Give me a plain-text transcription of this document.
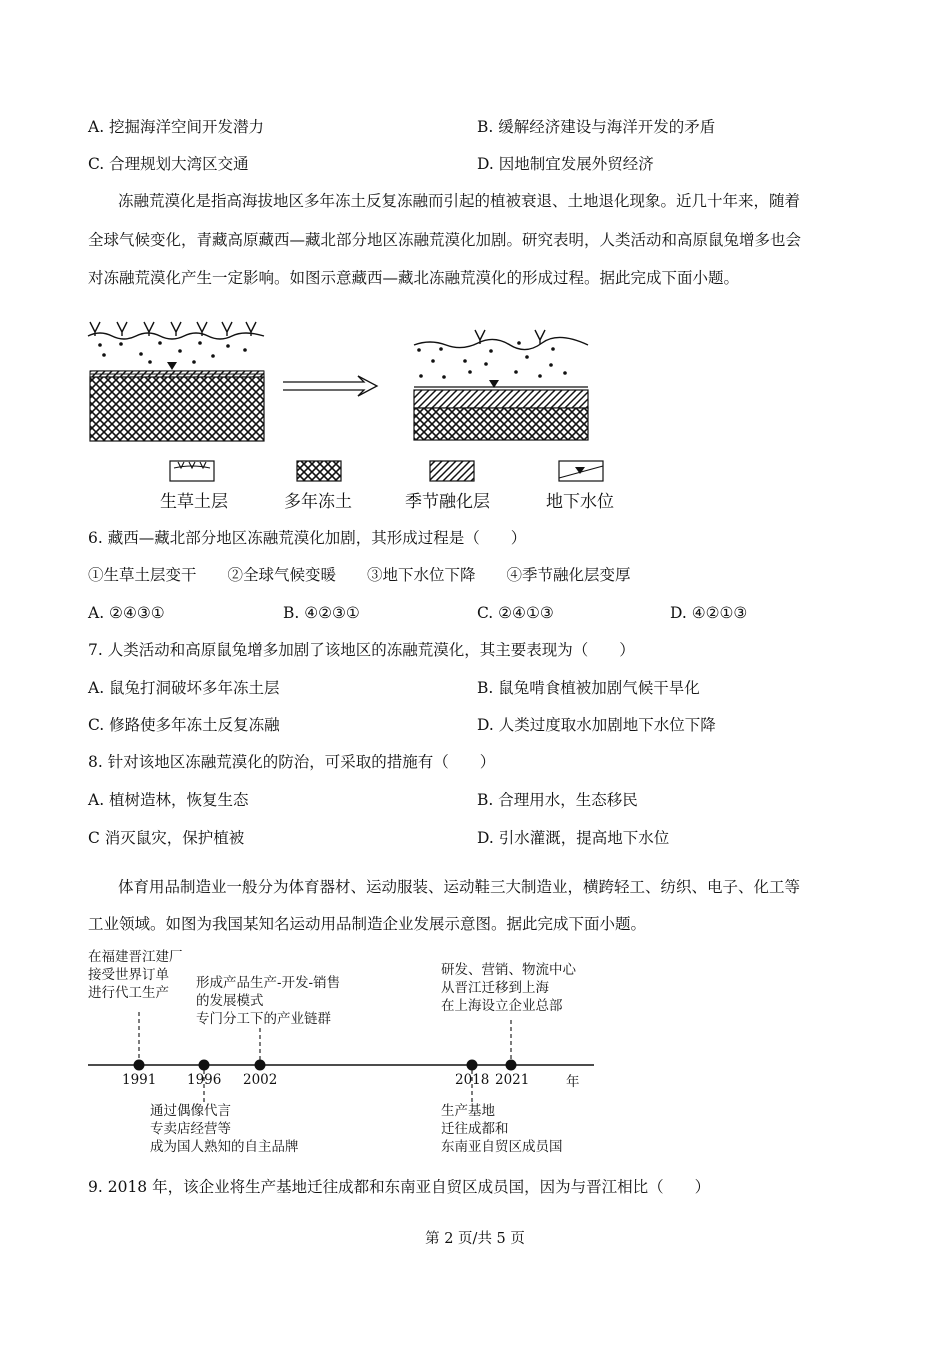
A. 挖掘海洋空间开发潜力	B. 缓解经济建设与海洋开发的矛盾
C. 合理规划大湾区交通	D. 因地制宜发展外贸经济
冻融荒漠化是指高海拔地区多年冻土反复冻融而引起的植被衰退、土地退化现象。近几十年来，随着
全球气候变化，青藏高原藏西—藏北部分地区冻融荒漠化加剧。研究表明，人类活动和高原鼠兔增多也会
对冻融荒漠化产生一定影响。如图示意藏西—藏北冻融荒漠化的形成过程。据此完成下面小题。
生草土层	多年冻土	季节融化层	地下水位
6. 藏西—藏北部分地区冻融荒漠化加剧，其形成过程是（　　）
①生草土层变干　　②全球气候变暖　　③地下水位下降　　④季节融化层变厚
A. ②④③①	B. ④②③①	C. ②④①③	D. ④②①③
7. 人类活动和高原鼠兔增多加剧了该地区的冻融荒漠化，其主要表现为（　　）
A. 鼠兔打洞破坏多年冻土层	B. 鼠兔啃食植被加剧气候干旱化
C. 修路使多年冻土反复冻融	D. 人类过度取水加剧地下水位下降
8. 针对该地区冻融荒漠化的防治，可采取的措施有（　　）
A. 植树造林，恢复生态	B. 合理用水，生态移民
C 消灭鼠灾，保护植被	D. 引水灌溉，提高地下水位
体育用品制造业一般分为体育器材、运动服装、运动鞋三大制造业，横跨轻工、纺织、电子、化工等
工业领域。如图为我国某知名运动用品制造企业发展示意图。据此完成下面小题。
1991 1996 2002	2018 2021	年
在福建晋江建厂
接受世界订单
进行代工生产
通过偶像代言
专卖店经营等
成为国人熟知的自主品牌
形成产品生产-开发-销售
的发展模式
专门分工下的产业链群
生产基地
迁往成都和
东南亚自贸区成员国
研发、营销、物流中心
从晋江迁移到上海
在上海设立企业总部
9. 2018 年，该企业将生产基地迁往成都和东南亚自贸区成员国，因为与晋江相比（　　）
第 2 页/共 5 页
